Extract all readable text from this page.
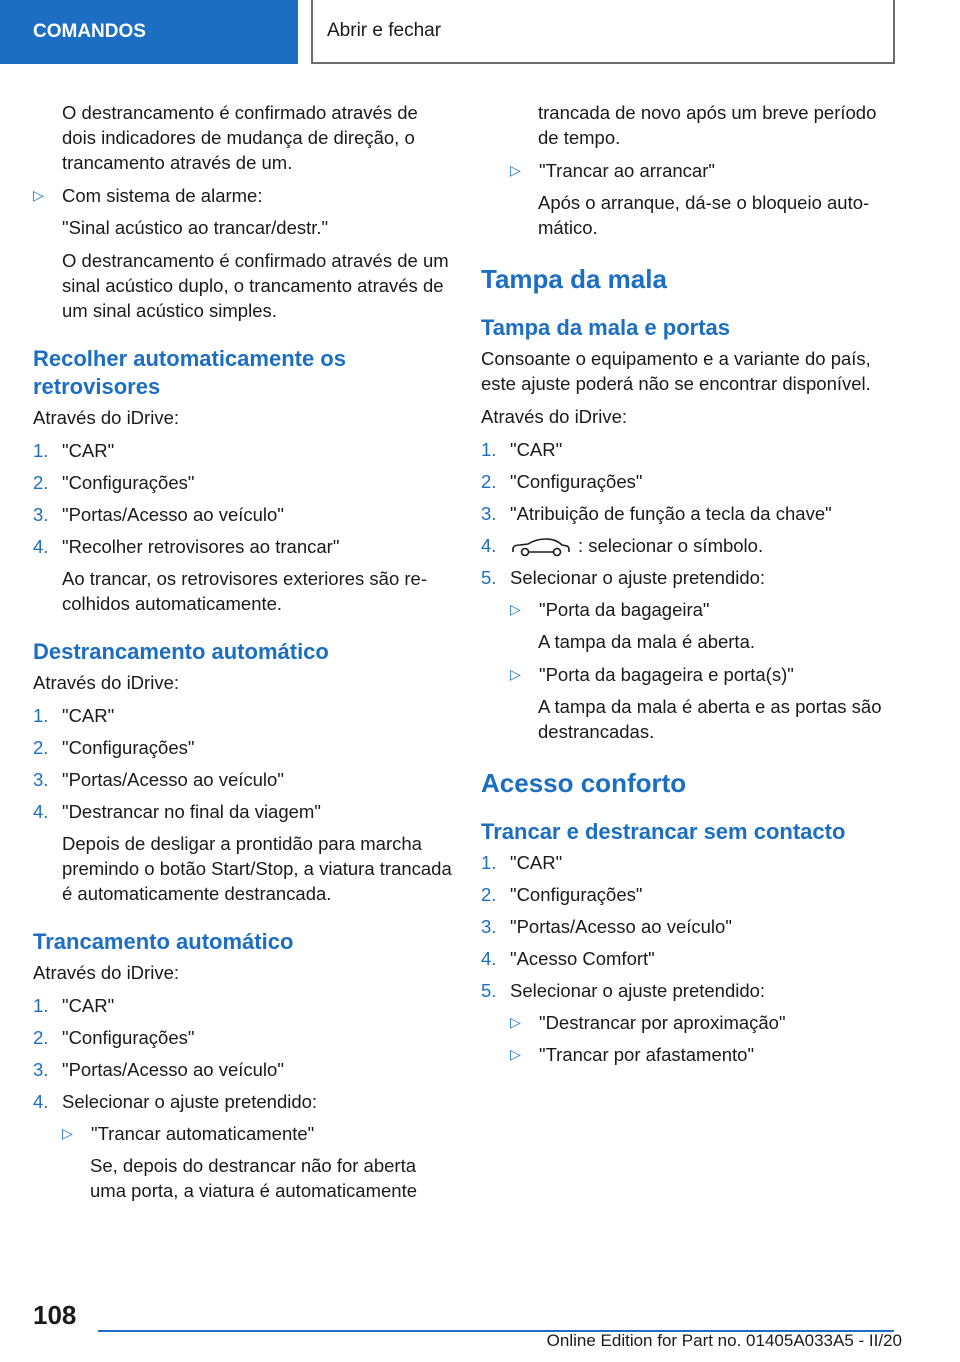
COMANDOS	Abrir e fechar

O destrancamento é confirmado através de dois indicadores de mudança de direção, o trancamento através de um.

▷ Com sistema de alarme:

"Sinal acústico ao trancar/destr."

O destrancamento é confirmado através de um sinal acústico duplo, o trancamento através de um sinal acústico simples.

Recolher automaticamente os retrovisores

Através do iDrive:

1. "CAR"
2. "Configurações"
3. "Portas/Acesso ao veículo"
4. "Recolher retrovisores ao trancar"

Ao trancar, os retrovisores exteriores são recolhidos automaticamente.

Destrancamento automático

Através do iDrive:

1. "CAR"
2. "Configurações"
3. "Portas/Acesso ao veículo"
4. "Destrancar no final da viagem"

Depois de desligar a prontidão para marcha premindo o botão Start/Stop, a viatura trancada é automaticamente destrancada.

Trancamento automático

Através do iDrive:

1. "CAR"
2. "Configurações"
3. "Portas/Acesso ao veículo"
4. Selecionar o ajuste pretendido:
▷ "Trancar automaticamente"

Se, depois do destrancar não for aberta uma porta, a viatura é automaticamente

trancada de novo após um breve período de tempo.

▷ "Trancar ao arrancar"

Após o arranque, dá-se o bloqueio automático.

Tampa da mala
Tampa da mala e portas

Consoante o equipamento e a variante do país, este ajuste poderá não se encontrar disponível.

Através do iDrive:

1. "CAR"
2. "Configurações"
3. "Atribuição de função a tecla da chave"
4.	: selecionar o símbolo.
5. Selecionar o ajuste pretendido:
▷ "Porta da bagageira"

A tampa da mala é aberta.

▷ "Porta da bagageira e porta(s)"

A tampa da mala é aberta e as portas são destrancadas.

Acesso conforto
Trancar e destrancar sem contacto
1. "CAR"
2. "Configurações"
3. "Portas/Acesso ao veículo"
4. "Acesso Comfort"
5. Selecionar o ajuste pretendido:
▷ "Destrancar por aproximação"
▷ "Trancar por afastamento"
108
Online Edition for Part no. 01405A033A5 - II/20
